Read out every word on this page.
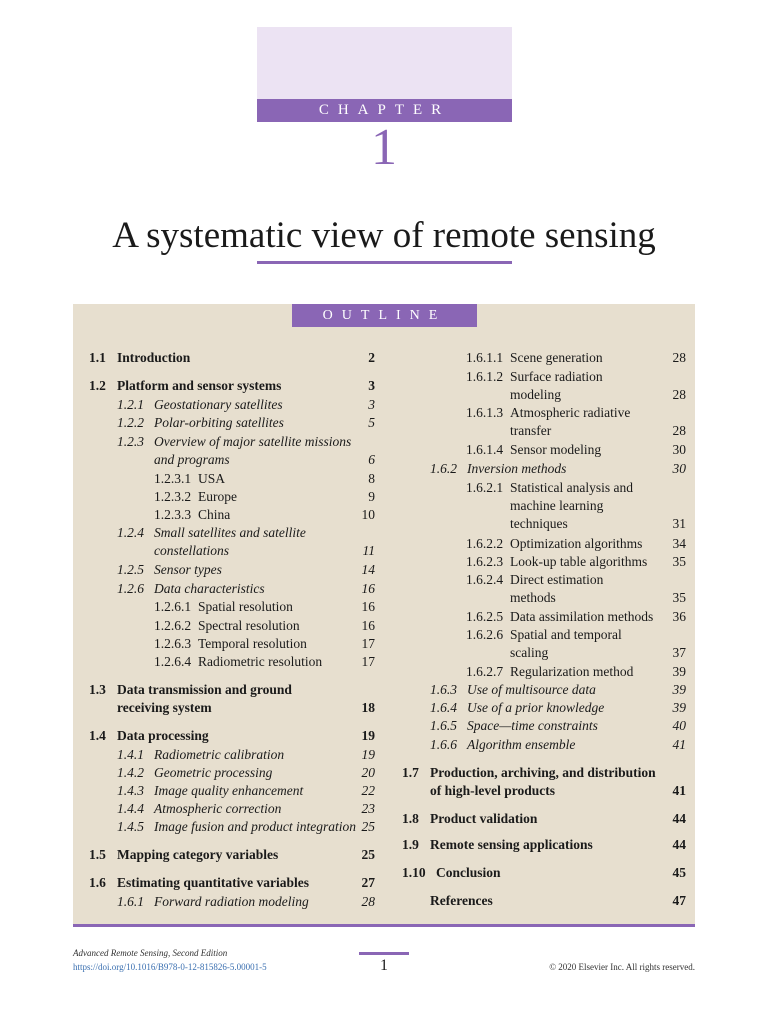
CHAPTER
1
A systematic view of remote sensing
OUTLINE
1.1 Introduction	2
1.2 Platform and sensor systems	3
1.2.1 Geostationary satellites	3
1.2.2 Polar-orbiting satellites	5
1.2.3 Overview of major satellite missions
and programs	6
1.2.3.1 USA	8
1.2.3.2 Europe	9
1.2.3.3 China	10
1.2.4 Small satellites and satellite
constellations	11
1.2.5 Sensor types	14
1.2.6 Data characteristics	16
1.2.6.1 Spatial resolution	16
1.2.6.2 Spectral resolution	16
1.2.6.3 Temporal resolution	17
1.2.6.4 Radiometric resolution	17
1.3 Data transmission and ground
receiving system	18
1.4 Data processing	19
1.4.1 Radiometric calibration	19
1.4.2 Geometric processing	20
1.4.3 Image quality enhancement	22
1.4.4 Atmospheric correction	23
1.4.5 Image fusion and product integration 25
1.5 Mapping category variables	25
1.6 Estimating quantitative variables	27
1.6.1 Forward radiation modeling	28
1.6.1.1 Scene generation	28
1.6.1.2 Surface radiation
modeling	28
1.6.1.3 Atmospheric radiative
transfer	28
1.6.1.4 Sensor modeling	30
1.6.2 Inversion methods	30
1.6.2.1 Statistical analysis and
machine learning
techniques	31
1.6.2.2 Optimization algorithms	34
1.6.2.3 Look-up table algorithms	35
1.6.2.4 Direct estimation
methods	35
1.6.2.5 Data assimilation methods	36
1.6.2.6 Spatial and temporal
scaling	37
1.6.2.7 Regularization method	39
1.6.3 Use of multisource data	39
1.6.4 Use of a prior knowledge	39
1.6.5 Space—time constraints	40
1.6.6 Algorithm ensemble	41
1.7 Production, archiving, and distribution
of high-level products	41
1.8 Product validation	44
1.9 Remote sensing applications	44
1.10 Conclusion	45
References	47
Advanced Remote Sensing, Second Edition
https://doi.org/10.1016/B978-0-12-815826-5.00001-5	1	© 2020 Elsevier Inc. All rights reserved.
